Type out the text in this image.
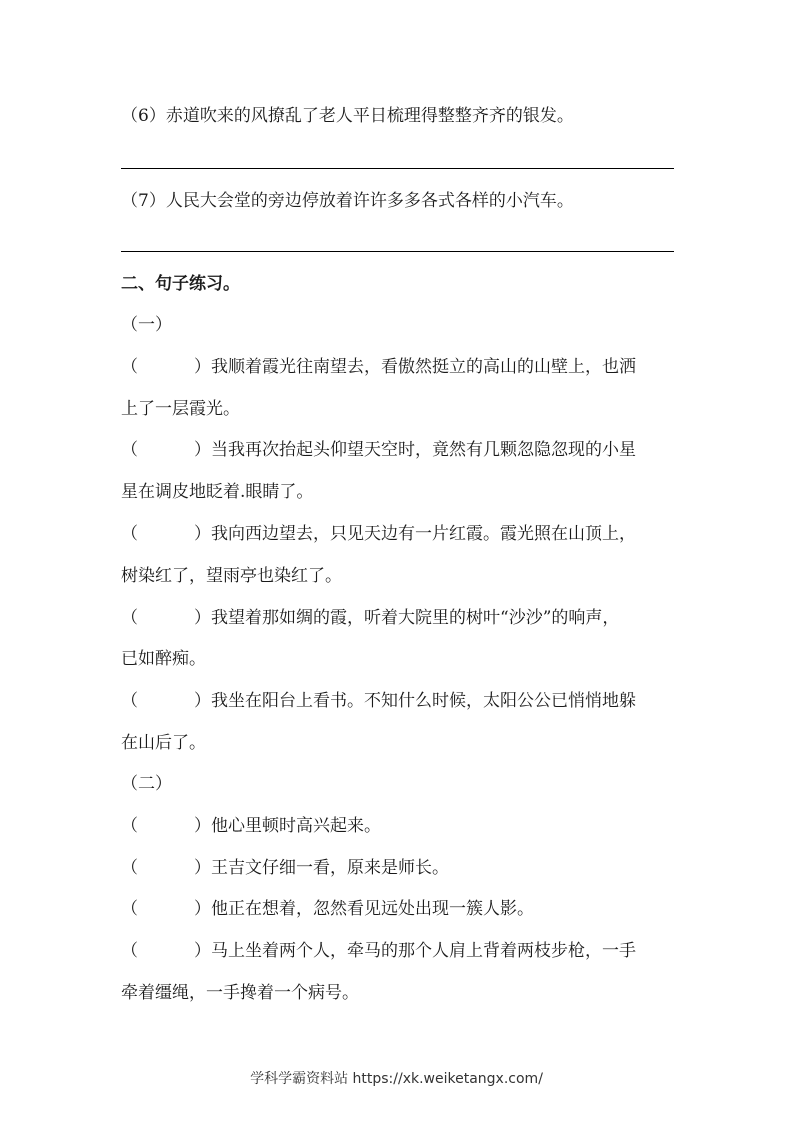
（6）赤道吹来的风撩乱了老人平日梳理得整整齐齐的银发。
（7）人民大会堂的旁边停放着许许多多各式各样的小汽车。
二、句子练习。
（一）
（	）我顺着霞光往南望去，看傲然挺立的高山的山壁上，也洒
上了一层霞光。
（	）当我再次抬起头仰望天空时，竟然有几颗忽隐忽现的小星
星在调皮地眨着.眼睛了。
（	）我向西边望去，只见天边有一片红霞。霞光照在山顶上，
树染红了，望雨亭也染红了。
（	）我望着那如绸的霞，听着大院里的树叶“沙沙”的响声，
已如醉痴。
（	）我坐在阳台上看书。不知什么时候，太阳公公已悄悄地躲
在山后了。
（二）
（	）他心里顿时高兴起来。
（	）王吉文仔细一看，原来是师长。
（	）他正在想着，忽然看见远处出现一簇人影。
（	）马上坐着两个人，牵马的那个人肩上背着两枝步枪，一手
牵着缰绳，一手搀着一个病号。
学科学霸资料站 https://xk.weiketangx.com/
